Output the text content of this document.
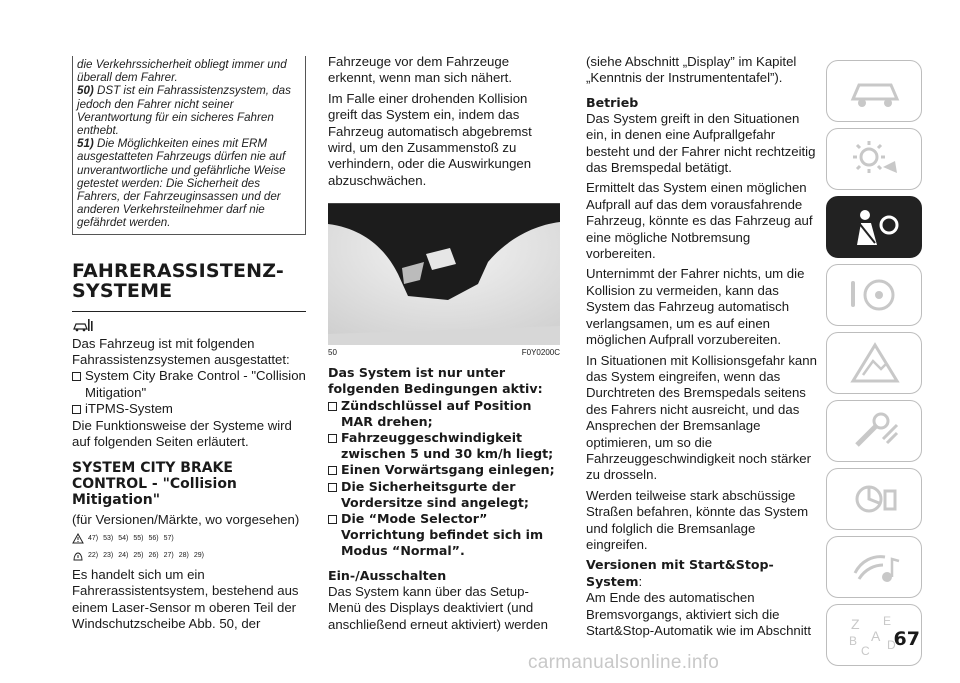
die Verkehrssicherheit obliegt immer und überall dem Fahrer.

50) DST ist ein Fahrassistenzsystem, das jedoch den Fahrer nicht seiner Verantwortung für ein sicheres Fahren enthebt.

51) Die Möglichkeiten eines mit ERM ausgestatteten Fahrzeugs dürfen nie auf unverantwortliche und gefährliche Weise getestet werden: Die Sicherheit des Fahrers, der Fahrzeuginsassen und der anderen Verkehrsteilnehmer darf nie gefährdet werden.

FAHRERASSISTENZ-
SYSTEME

Das Fahrzeug ist mit folgenden Fahrassistenzsystemen ausgestattet:

System City Brake Control - "Collision Mitigation"
iTPMS-System

Die Funktionsweise der Systeme wird auf folgenden Seiten erläutert.

SYSTEM CITY BRAKE CONTROL - "Collision Mitigation"

(für Versionen/Märkte, wo vorgesehen)

47) 53) 54) 55) 56) 57)
22) 23) 24) 25) 26) 27) 28) 29)

Es handelt sich um ein Fahrerassistentsystem, bestehend aus einem Laser-Sensor m oberen Teil der Windschutzscheibe Abb. 50, der

Fahrzeuge vor dem Fahrzeuge erkennt, wenn man sich nähert.

Im Falle einer drohenden Kollision greift das System ein, indem das Fahrzeug automatisch abgebremst wird, um den Zusammenstoß zu verhindern, oder die Auswirkungen abzuschwächen.

50	F0Y0200C
Das System ist nur unter folgenden Bedingungen aktiv:
Zündschlüssel auf Position MAR drehen;
Fahrzeuggeschwindigkeit zwischen 5 und 30 km/h liegt;
Einen Vorwärtsgang einlegen;
Die Sicherheitsgurte der Vordersitze sind angelegt;
Die “Mode Selector” Vorrichtung befindet sich im Modus “Normal”.
Ein-/Ausschalten

Das System kann über das Setup-Menü des Displays deaktiviert (und anschließend erneut aktiviert) werden

(siehe Abschnitt „Display” im Kapitel „Kenntnis der Instrumententafel”).

Betrieb

Das System greift in den Situationen ein, in denen eine Aufprallgefahr besteht und der Fahrer nicht rechtzeitig das Bremspedal betätigt.

Ermittelt das System einen möglichen Aufprall auf das dem vorausfahrende Fahrzeug, könnte es das Fahrzeug auf eine mögliche Notbremsung vorbereiten.

Unternimmt der Fahrer nichts, um die Kollision zu vermeiden, kann das System das Fahrzeug automatisch verlangsamen, um es auf einen möglichen Aufprall vorzubereiten.

In Situationen mit Kollisionsgefahr kann das System eingreifen, wenn das Durchtreten des Bremspedals seitens des Fahrers nicht ausreicht, und das Ansprechen der Bremsanlage optimieren, um so die Fahrzeuggeschwindigkeit noch stärker zu drosseln.

Werden teilweise stark abschüssige Straßen befahren, könnte das System und folglich die Bremsanlage eingreifen.

Versionen mit Start&Stop-System:

Am Ende des automatischen Bremsvorgangs, aktiviert sich die Start&Stop-Automatik wie im Abschnitt	Z E
A
B
C D
67
carmanualsonline.info
